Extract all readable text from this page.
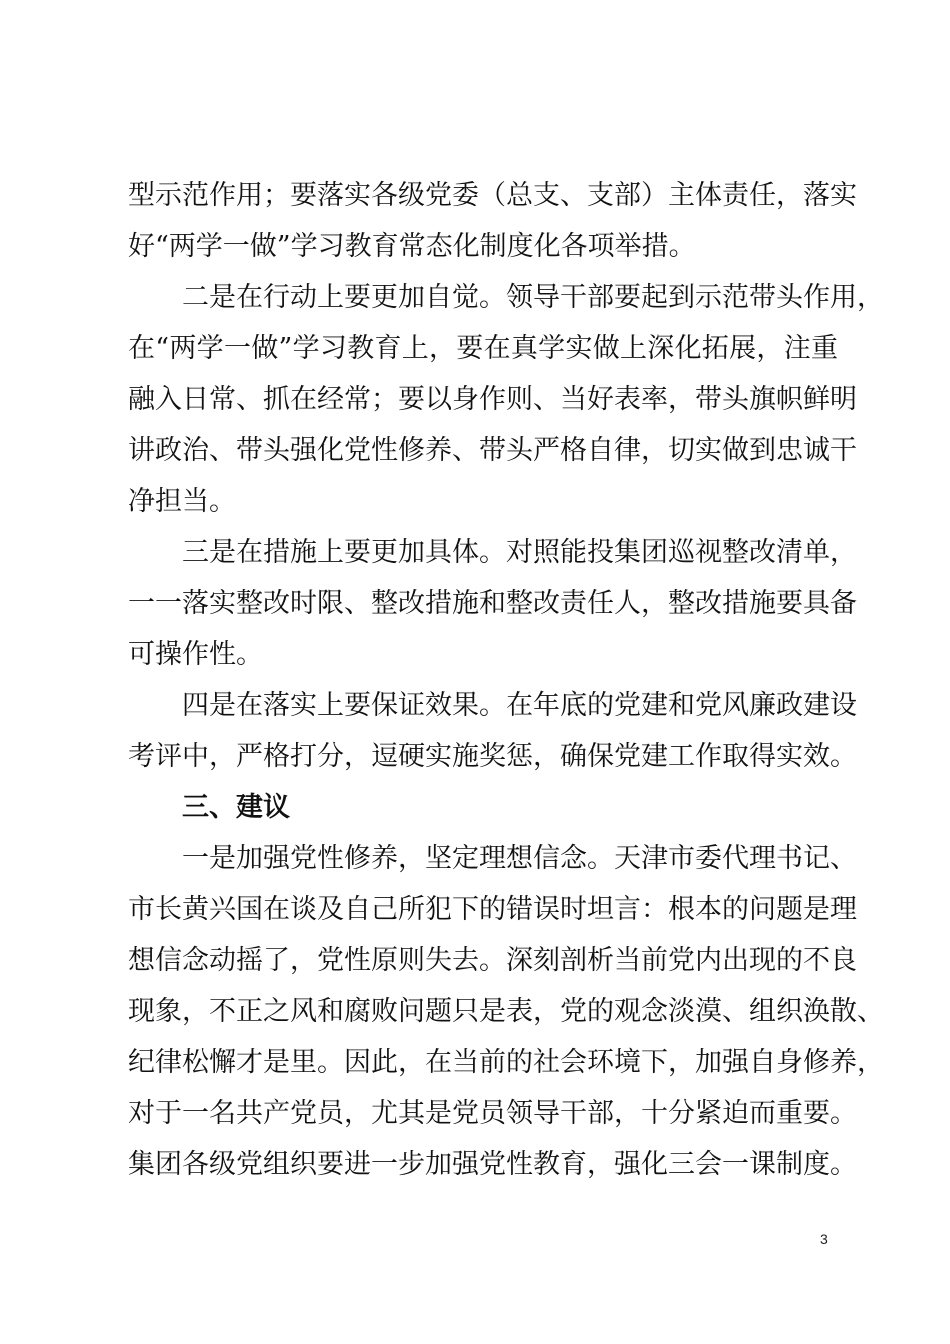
型示范作用；要落实各级党委（总支、支部）主体责任，落实
好“两学一做”学习教育常态化制度化各项举措。
二是在行动上要更加自觉。领导干部要起到示范带头作用，
在“两学一做”学习教育上，要在真学实做上深化拓展，注重
融入日常、抓在经常；要以身作则、当好表率，带头旗帜鲜明
讲政治、带头强化党性修养、带头严格自律，切实做到忠诚干
净担当。
三是在措施上要更加具体。对照能投集团巡视整改清单，
一一落实整改时限、整改措施和整改责任人，整改措施要具备
可操作性。
四是在落实上要保证效果。在年底的党建和党风廉政建设
考评中，严格打分，逗硬实施奖惩，确保党建工作取得实效。
三、建议
一是加强党性修养，坚定理想信念。天津市委代理书记、
市长黄兴国在谈及自己所犯下的错误时坦言：根本的问题是理
想信念动摇了，党性原则失去。深刻剖析当前党内出现的不良
现象，不正之风和腐败问题只是表，党的观念淡漠、组织涣散、
纪律松懈才是里。因此，在当前的社会环境下，加强自身修养，
对于一名共产党员，尤其是党员领导干部，十分紧迫而重要。
集团各级党组织要进一步加强党性教育，强化三会一课制度。
3
